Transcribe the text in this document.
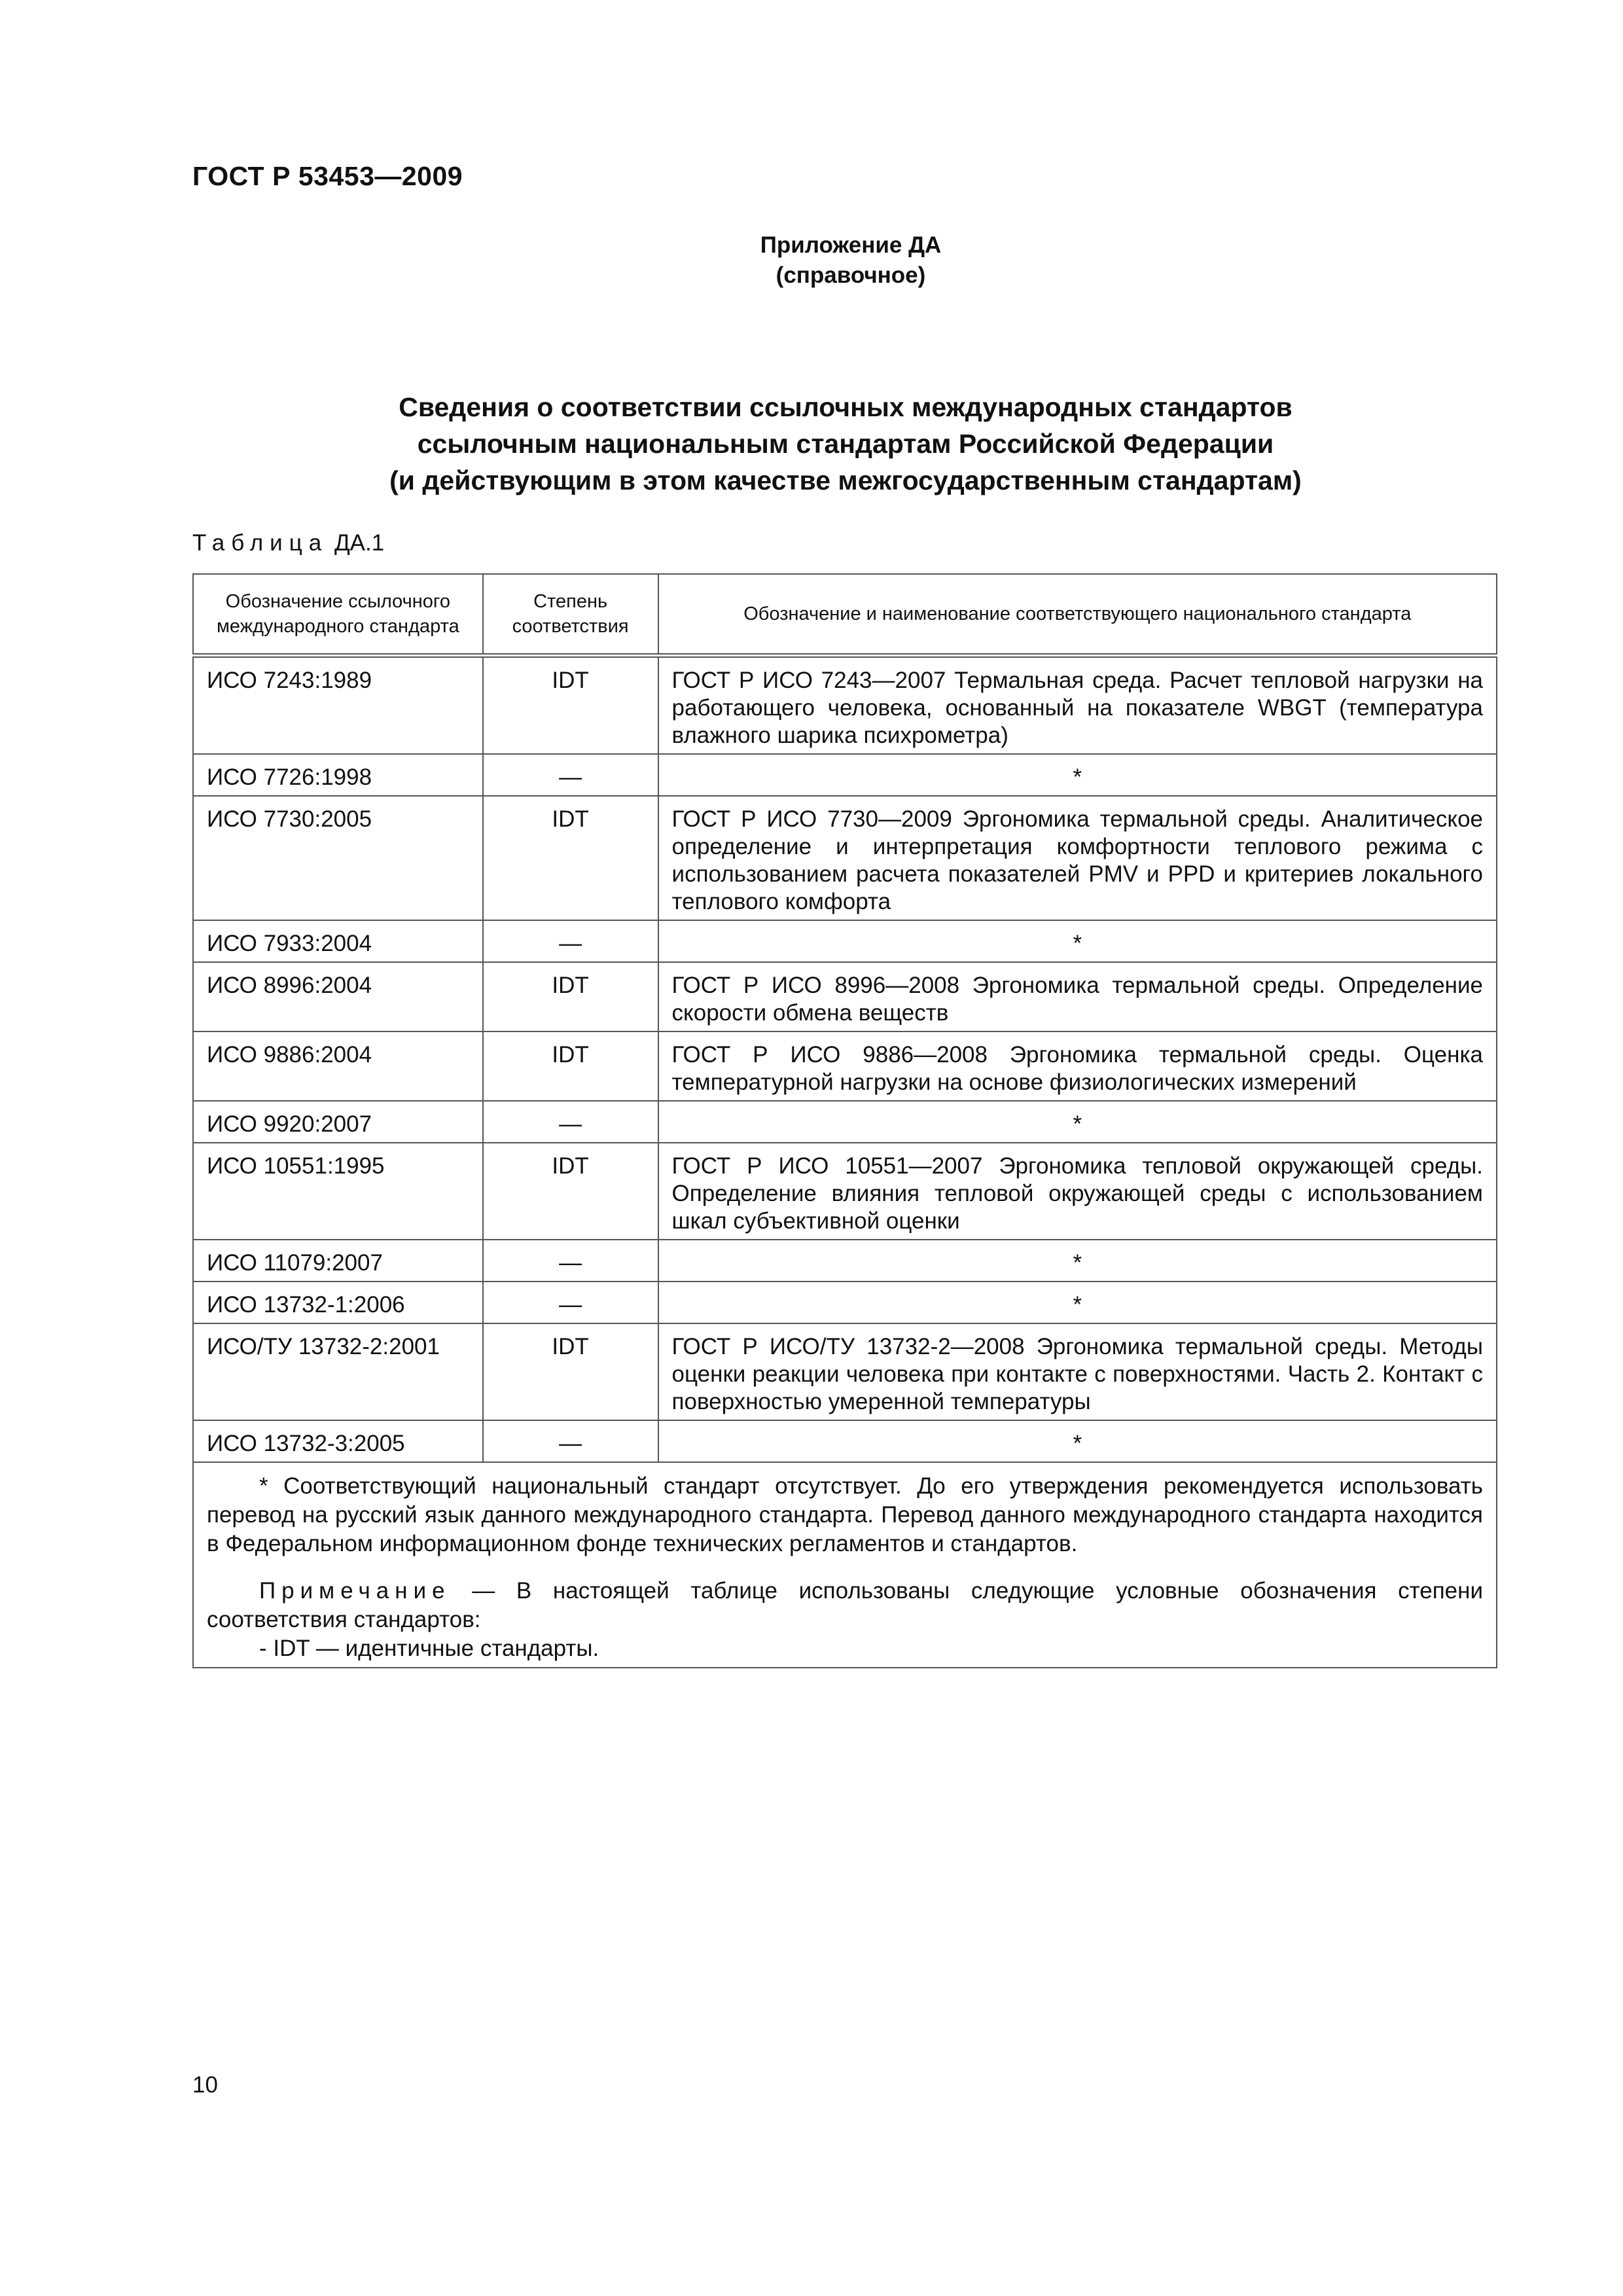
ГОСТ Р 53453—2009
Приложение ДА
(справочное)
Сведения о соответствии ссылочных международных стандартов
ссылочным национальным стандартам Российской Федерации
(и действующим в этом качестве межгосударственным стандартам)
Таблица ДА.1
Обозначение ссылочного международного стандарта	Степень соответствия	Обозначение и наименование соответствующего национального стандарта
ИСО 7243:1989	IDT	ГОСТ Р ИСО 7243—2007 Термальная среда. Расчет тепловой нагрузки на работающего человека, основанный на показателе WBGT (температура влажного шарика психрометра)
ИСО 7726:1998	—	*
ИСО 7730:2005	IDT	ГОСТ Р ИСО 7730—2009 Эргономика термальной среды. Аналитическое определение и интерпретация комфортности теплового режима с использованием расчета показателей PMV и PPD и критериев локального теплового комфорта
ИСО 7933:2004	—	*
ИСО 8996:2004	IDT	ГОСТ Р ИСО 8996—2008 Эргономика термальной среды. Определение скорости обмена веществ
ИСО 9886:2004	IDT	ГОСТ Р ИСО 9886—2008 Эргономика термальной среды. Оценка температурной нагрузки на основе физиологических измерений
ИСО 9920:2007	—	*
ИСО 10551:1995	IDT	ГОСТ Р ИСО 10551—2007 Эргономика тепловой окружающей среды. Определение влияния тепловой окружающей среды с использованием шкал субъективной оценки
ИСО 11079:2007	—	*
ИСО 13732-1:2006	—	*
ИСО/ТУ 13732-2:2001	IDT	ГОСТ Р ИСО/ТУ 13732-2—2008 Эргономика термальной среды. Методы оценки реакции человека при контакте с поверхностями. Часть 2. Контакт с поверхностью умеренной температуры
ИСО 13732-3:2005	—	*

* Соответствующий национальный стандарт отсутствует. До его утверждения рекомендуется использовать перевод на русский язык данного международного стандарта. Перевод данного международного стандарта находится в Федеральном информационном фонде технических регламентов и стандартов.

Примечание — В настоящей таблице использованы следующие условные обозначения степени соответствия стандартов:

- IDT — идентичные стандарты.		

10
